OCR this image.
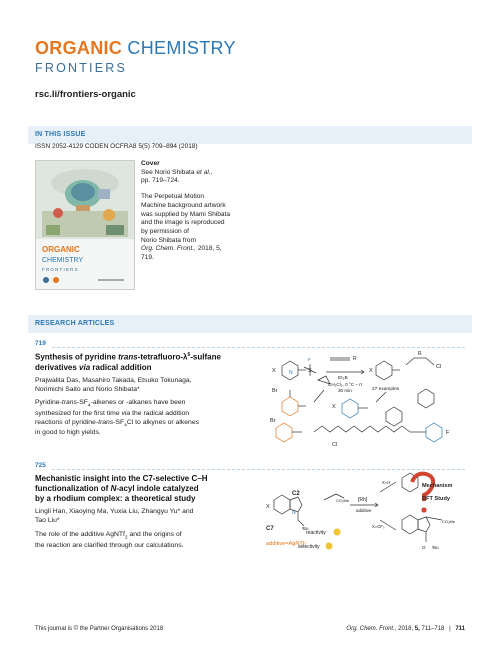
ORGANIC CHEMISTRY
FRONTIERS
rsc.li/frontiers-organic
IN THIS ISSUE
ISSN 2052-4129 CODEN OCFRA8 5(5) 709–894 (2018)
ORGANIC
CHEMISTRY
FRONTIERS
Cover
See Norio Shibata et al.,
pp. 719–724.
The Perpetual Motion
Machine background artwork
was supplied by Mami Shibata
and the image is reproduced
by permission of
Norio Shibata from
Org. Chem. Front., 2018, 5,
719.
RESEARCH ARTICLES
719
Synthesis of pyridine trans-$tetrafluoro-\lambda^6$-sulfane
derivatives via radical addition
Prajwalita Das, Masahiro Takada, Etsuko Tokunaga,
Norimichi Saito and Norio Shibata*
Pyridine-$trans-SF_4$-alkenes or -alkanes have been
synthesized for the first time via the radical addition
reactions of pyridine-$trans-SF_4Cl$ to alkynes or alkenes
in good to high yields.
X	N	S
F	R
Et₃B
CH₂Cl₂, 0 °C – rt
30 min
X
Cl
R
27 examples
Br
Br
X
Cl
F
725
Mechanistic insight into the C7-selective C–H
functionalization of N-acyl indole catalyzed
by a rhodium complex: a theoretical study
Lingli Han, Xiaoying Ma, Yuxia Liu, Zhangyu Yu* and
Tao Liu*
The role of the additive AgNTf$_2$ and the origins of
the reaction are clarified through our calculations.
C2
X
N
C7	ᵗBu
CO₂Me [Rh]
additive
additive=AgNTf₂
reactivity
selectivity
X=H
X=CF₃
Mechanism
DFT Study
CO₂Me
O ᵗBu
This journal is © the Partner Organisations 2018	Org. Chem. Front., 2018, 5, 711–718 | 711
